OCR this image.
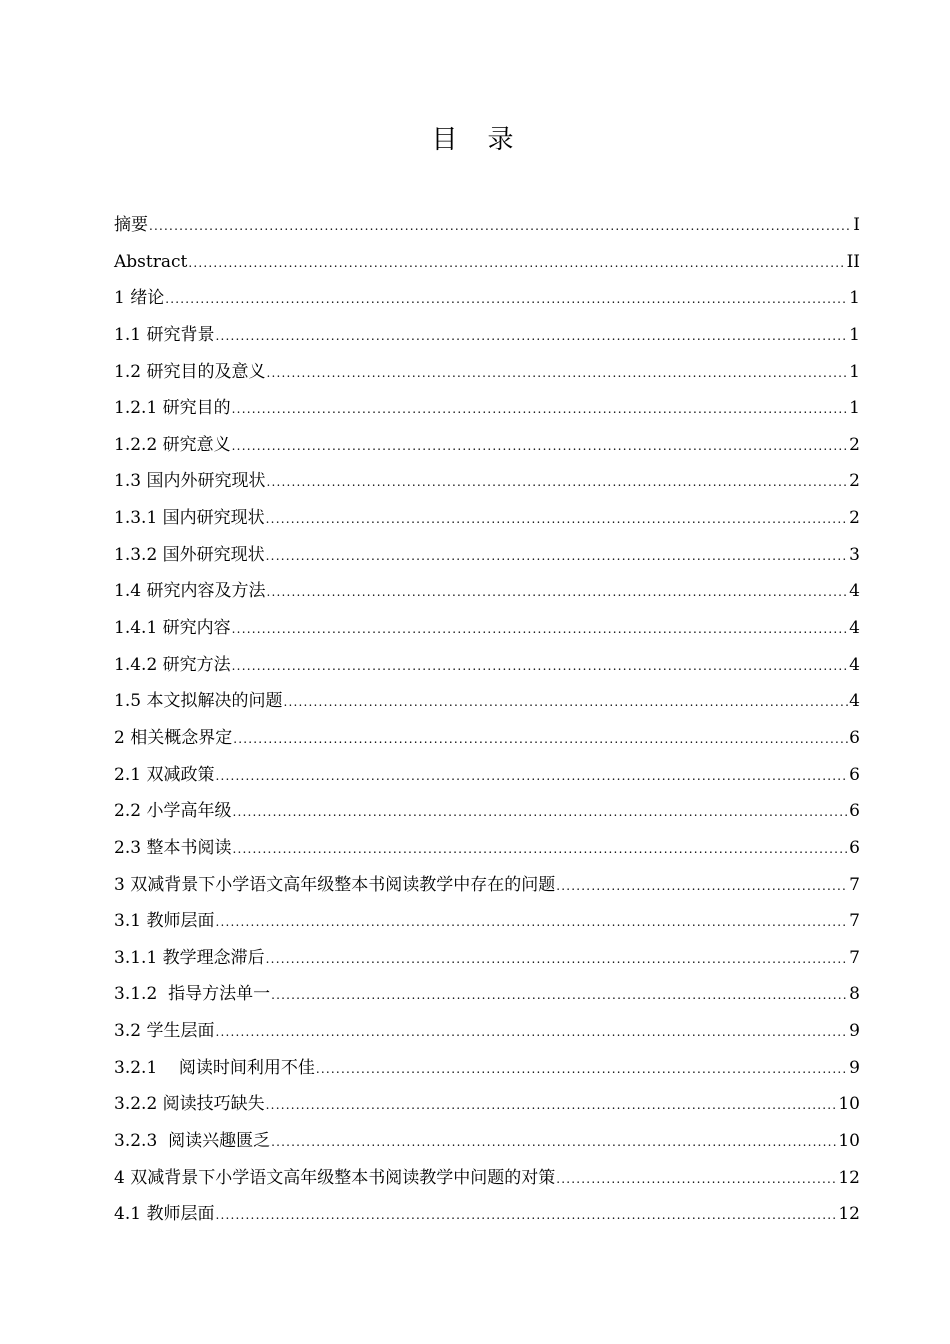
目录
摘要 .....	I
Abstract .....	II
1 绪论 .....	1
1.1 研究背景 .....	1
1.2 研究目的及意义 .....	1
1.2.1 研究目的 .....	1
1.2.2 研究意义 .....	2
1.3 国内外研究现状 .....	2
1.3.1 国内研究现状 .....	2
1.3.2 国外研究现状 .....	3
1.4 研究内容及方法 .....	4
1.4.1 研究内容 .....	4
1.4.2 研究方法 .....	4
1.5 本文拟解决的问题 .....	4
2 相关概念界定 .....	6
2.1 双减政策 .....	6
2.2 小学高年级 .....	6
2.3 整本书阅读 .....	6
3 双减背景下小学语文高年级整本书阅读教学中存在的问题 .....	7
3.1 教师层面 .....	7
3.1.1 教学理念滞后 .....	7
3.1.2  指导方法单一 .....	8
3.2 学生层面 .....	9
3.2.1    阅读时间利用不佳 .....	9
3.2.2 阅读技巧缺失 .....	10
3.2.3  阅读兴趣匮乏 .....	10
4 双减背景下小学语文高年级整本书阅读教学中问题的对策 .....	12
4.1 教师层面 .....	12
